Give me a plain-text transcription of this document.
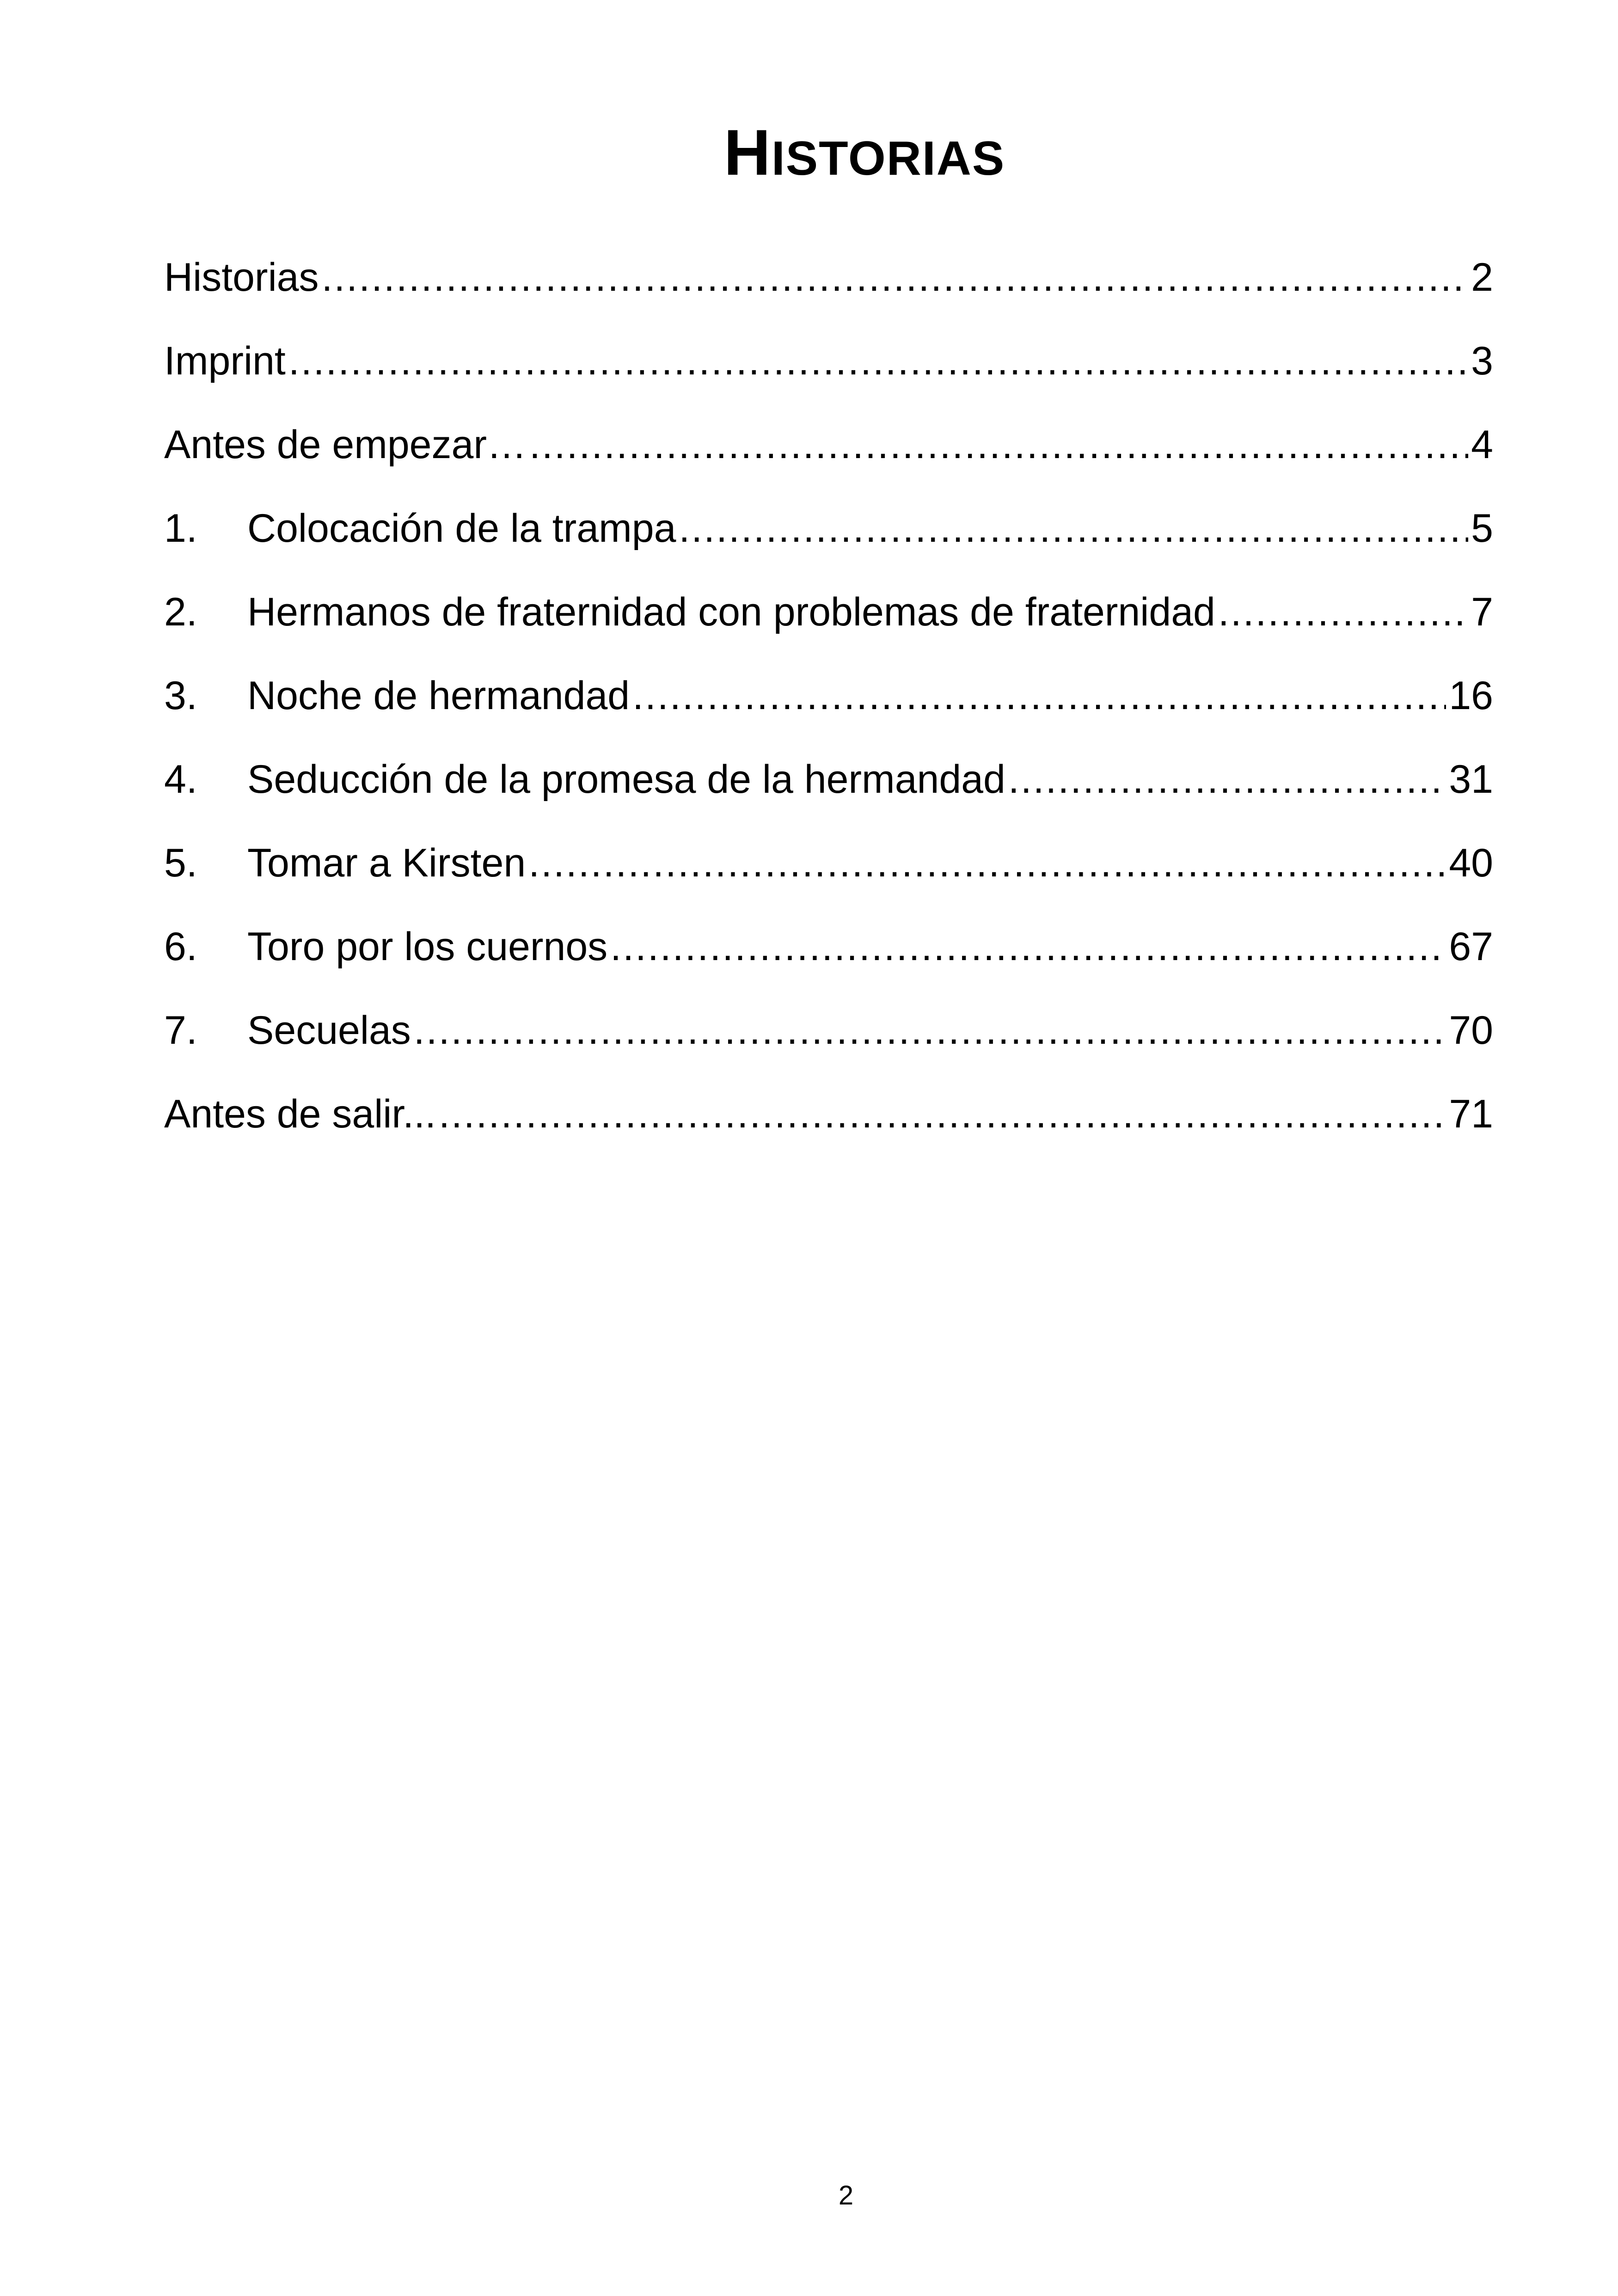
HISTORIAS
Historias .....	2
Imprint .....	3
Antes de empezar… .....	4
1.	Colocación de la trampa .....	5
2.	Hermanos de fraternidad con problemas de fraternidad .....	7
3.	Noche de hermandad .....	16
4.	Seducción de la promesa de la hermandad .....	31
5.	Tomar a Kirsten .....	40
6.	Toro por los cuernos .....	67
7.	Secuelas .....	70
Antes de salir... .....	71
2
